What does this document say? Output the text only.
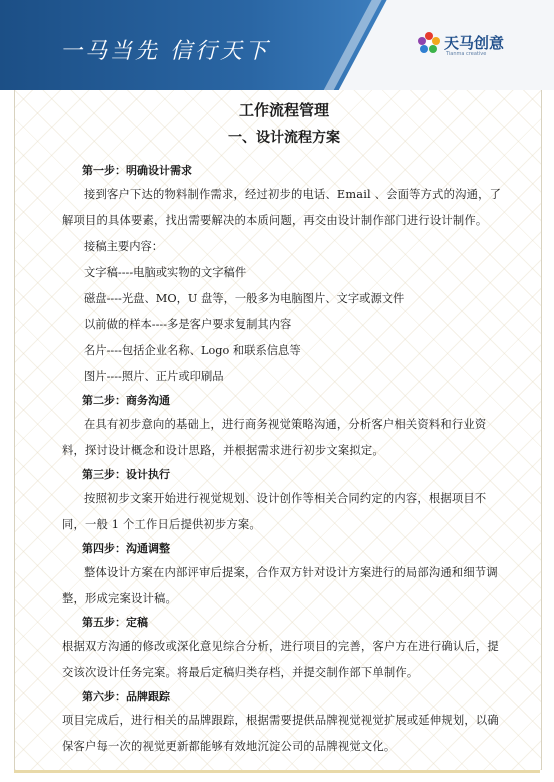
一马当先 信行天下	天马创意
Tianma creative
工作流程管理
一、设计流程方案
第一步：明确设计需求

接到客户下达的物料制作需求，经过初步的电话、Email 、会面等方式的沟通，了解项目的具体要素，找出需要解决的本质问题，再交由设计制作部门进行设计制作。

接稿主要内容：
文字稿----电脑或实物的文字稿件
磁盘----光盘、MO，U 盘等，一般多为电脑图片、文字或源文件
以前做的样本----多是客户要求复制其内容
名片----包括企业名称、Logo 和联系信息等
图片----照片、正片或印刷品
第二步：商务沟通

在具有初步意向的基础上，进行商务视觉策略沟通，分析客户相关资料和行业资料，探讨设计概念和设计思路，并根据需求进行初步文案拟定。

第三步：设计执行

按照初步文案开始进行视觉规划、设计创作等相关合同约定的内容，根据项目不同，一般 1 个工作日后提供初步方案。

第四步：沟通调整

整体设计方案在内部评审后提案，合作双方针对设计方案进行的局部沟通和细节调整，形成完案设计稿。

第五步：定稿

根据双方沟通的修改或深化意见综合分析，进行项目的完善，客户方在进行确认后，提交该次设计任务完案。将最后定稿归类存档，并提交制作部下单制作。

第六步：品牌跟踪

项目完成后，进行相关的品牌跟踪，根据需要提供品牌视觉视觉扩展或延伸规划，以确保客户每一次的视觉更新都能够有效地沉淀公司的品牌视觉文化。
